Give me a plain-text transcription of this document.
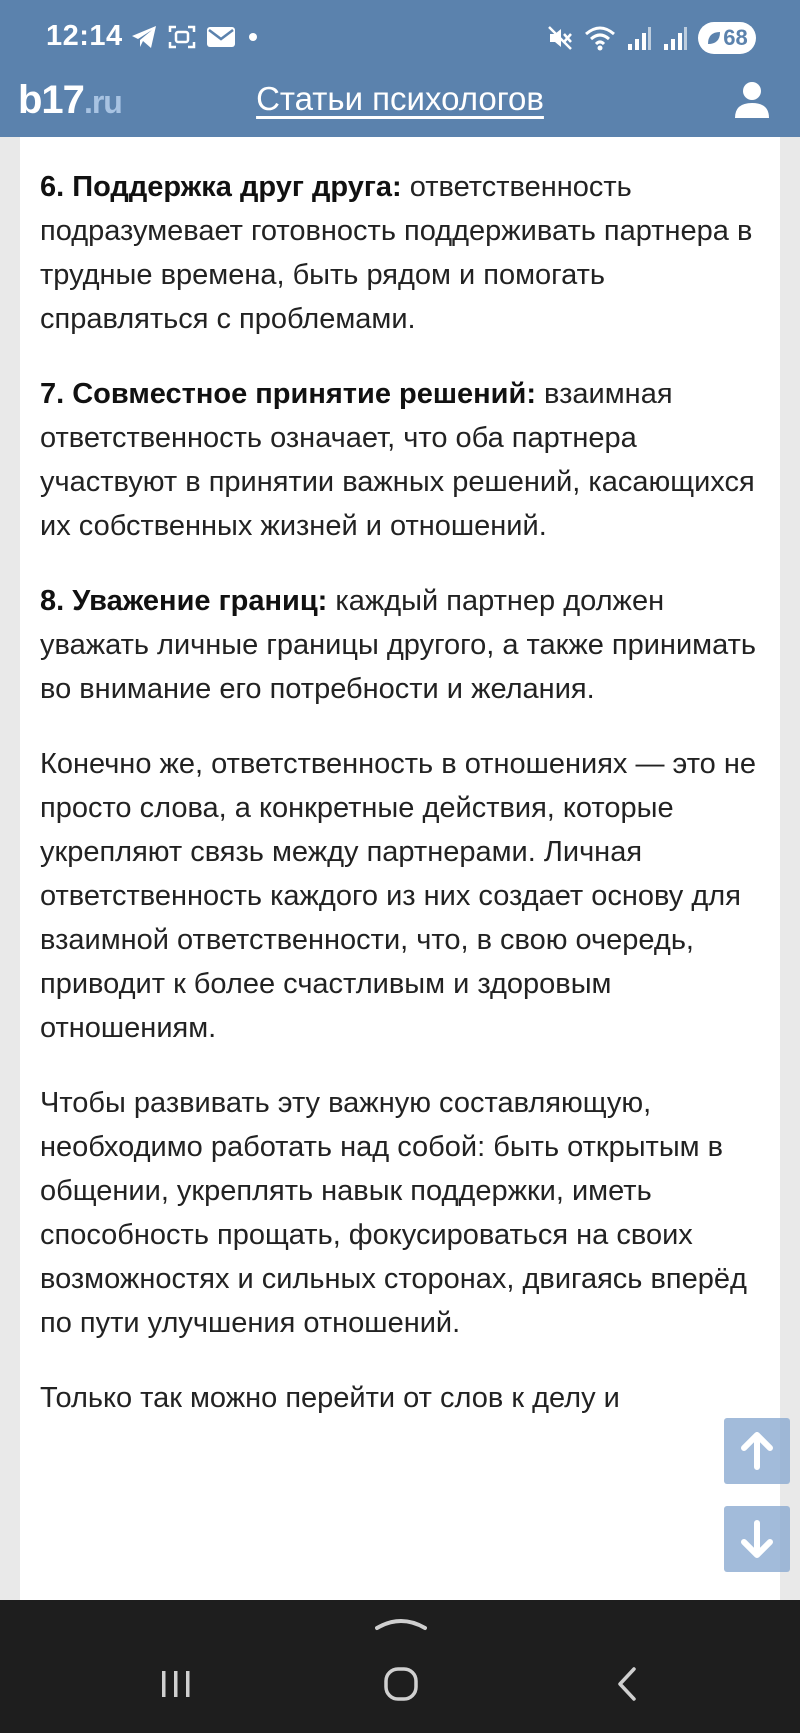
12:14	68
b17 .ru	Статьи психологов

6. Поддержка друг друга: ответственность подразумевает готовность поддерживать партнера в трудные времена, быть рядом и помогать справляться с проблемами.

7. Совместное принятие решений: взаимная ответственность означает, что оба партнера участвуют в принятии важных решений, касающихся их собственных жизней и отношений.

8. Уважение границ: каждый партнер должен уважать личные границы другого, а также принимать во внимание его потребности и желания.

Конечно же, ответственность в отношениях — это не просто слова, а конкретные действия, которые укрепляют связь между партнерами. Личная ответственность каждого из них создает основу для взаимной ответственности, что, в свою очередь, приводит к более счастливым и здоровым отношениям.

Чтобы развивать эту важную составляющую, необходимо работать над собой: быть открытым в общении, укреплять навык поддержки, иметь способность прощать, фокусироваться на своих возможностях и сильных сторонах, двигаясь вперёд по пути улучшения отношений.

Только так можно перейти от слов к делу и
